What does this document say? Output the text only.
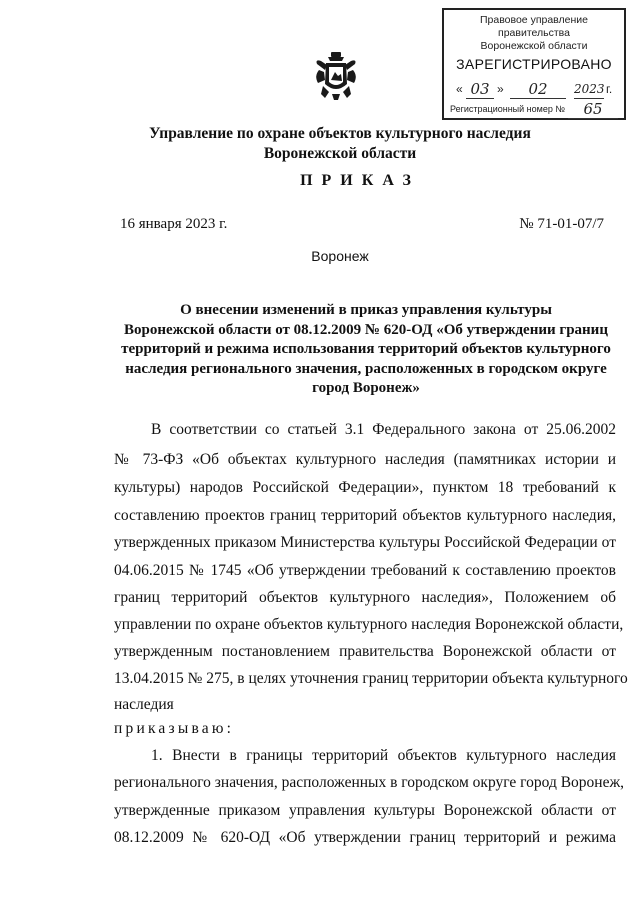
Правовое управление правительства
Воронежской области
ЗАРЕГИСТРИРОВАНО
« 03 »	02	2023 г.
Регистрационный номер №	65
Управление по охране объектов культурного наследия
Воронежской области
ПРИКАЗ
16 января 2023 г.	№ 71-01-07/7
Воронеж
О внесении изменений в приказ управления культуры
Воронежской области от 08.12.2009 № 620-ОД «Об утверждении границ
территорий и режима использования территорий объектов культурного
наследия регионального значения, расположенных в городском округе
город Воронеж»
В соответствии со статьей 3.1 Федерального закона от 25.06.2002
№ 73-ФЗ «Об объектах культурного наследия (памятниках истории и
культуры) народов Российской Федерации», пунктом 18 требований к
составлению проектов границ территорий объектов культурного наследия,
утвержденных приказом Министерства культуры Российской Федерации от
04.06.2015 № 1745 «Об утверждении требований к составлению проектов
границ территорий объектов культурного наследия», Положением об
управлении по охране объектов культурного наследия Воронежской области,
утвержденным постановлением правительства Воронежской области от
13.04.2015 № 275, в целях уточнения границ территории объекта культурного
наследия
приказываю:
1. Внести в границы территорий объектов культурного наследия
регионального значения, расположенных в городском округе город Воронеж,
утвержденные приказом управления культуры Воронежской области от
08.12.2009 № 620-ОД «Об утверждении границ территорий и режима
